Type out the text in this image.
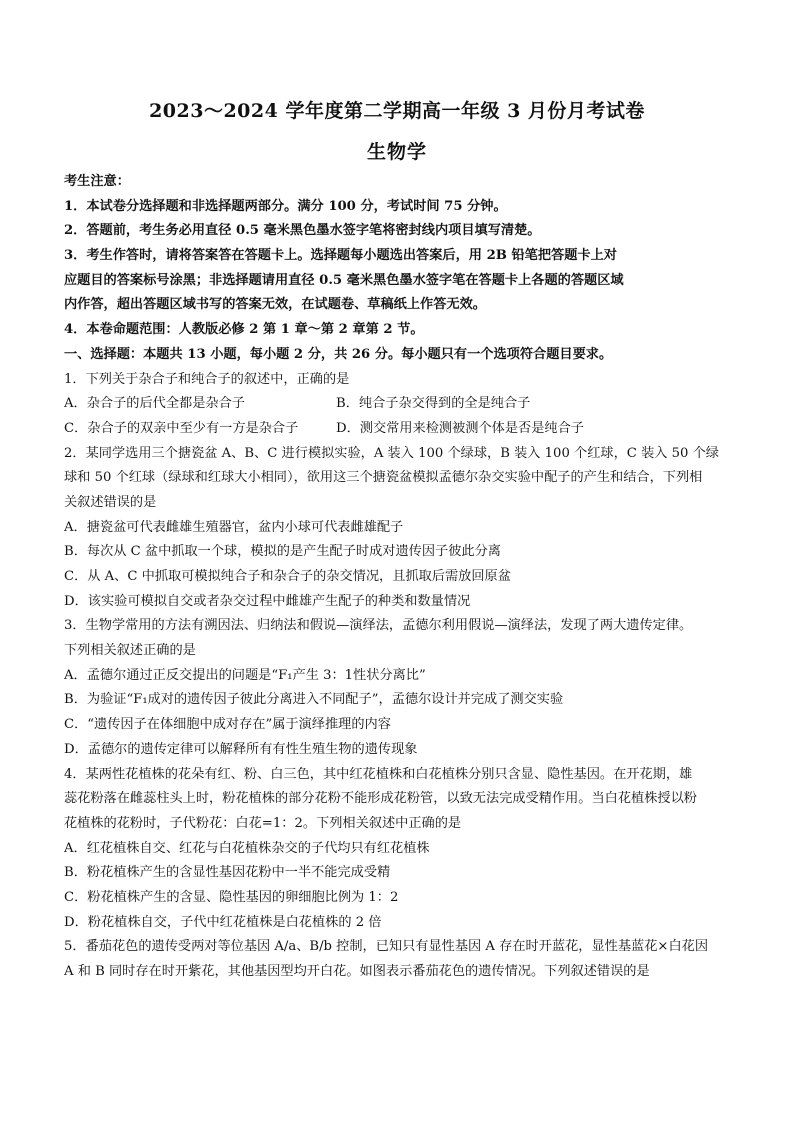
2023～2024 学年度第二学期高一年级 3 月份月考试卷
生物学
考生注意：
1．本试卷分选择题和非选择题两部分。满分 100 分，考试时间 75 分钟。
2．答题前，考生务必用直径 0.5 毫米黑色墨水签字笔将密封线内项目填写清楚。
3．考生作答时，请将答案答在答题卡上。选择题每小题选出答案后，用 2B 铅笔把答题卡上对
应题目的答案标号涂黑；非选择题请用直径 0.5 毫米黑色墨水签字笔在答题卡上各题的答题区域
内作答，超出答题区域书写的答案无效，在试题卷、草稿纸上作答无效。
4．本卷命题范围：人教版必修 2 第 1 章～第 2 章第 2 节。
一、选择题：本题共 13 小题，每小题 2 分，共 26 分。每小题只有一个选项符合题目要求。
1．下列关于杂合子和纯合子的叙述中，正确的是
A．杂合子的后代全都是杂合子	B．纯合子杂交得到的全是纯合子
C．杂合子的双亲中至少有一方是杂合子	D．测交常用来检测被测个体是否是纯合子
2．某同学选用三个搪瓷盆 A、B、C 进行模拟实验，A 装入 100 个绿球，B 装入 100 个红球，C 装入 50 个绿
球和 50 个红球（绿球和红球大小相同），欲用这三个搪瓷盆模拟孟德尔杂交实验中配子的产生和结合，下列相
关叙述错误的是
A．搪瓷盆可代表雌雄生殖器官，盆内小球可代表雌雄配子
B．每次从 C 盆中抓取一个球，模拟的是产生配子时成对遗传因子彼此分离
C．从 A、C 中抓取可模拟纯合子和杂合子的杂交情况，且抓取后需放回原盆
D．该实验可模拟自交或者杂交过程中雌雄产生配子的种类和数量情况
3．生物学常用的方法有溯因法、归纳法和假说—演绎法，孟德尔利用假说—演绎法，发现了两大遗传定律。
下列相关叙述正确的是
A．孟德尔通过正反交提出的问题是“F₁产生 3：1性状分离比”
B．为验证“F₁成对的遗传因子彼此分离进入不同配子”，孟德尔设计并完成了测交实验
C．“遗传因子在体细胞中成对存在”属于演绎推理的内容
D．孟德尔的遗传定律可以解释所有有性生殖生物的遗传现象
4．某两性花植株的花朵有红、粉、白三色，其中红花植株和白花植株分别只含显、隐性基因。在开花期，雄
蕊花粉落在雌蕊柱头上时，粉花植株的部分花粉不能形成花粉管，以致无法完成受精作用。当白花植株授以粉
花植株的花粉时，子代粉花：白花=1：2。下列相关叙述中正确的是
A．红花植株自交、红花与白花植株杂交的子代均只有红花植株
B．粉花植株产生的含显性基因花粉中一半不能完成受精
C．粉花植株产生的含显、隐性基因的卵细胞比例为 1：2
D．粉花植株自交，子代中红花植株是白花植株的 2 倍
5．番茄花色的遗传受两对等位基因 A/a、B/b 控制，已知只有显性基因 A 存在时开蓝花，显性基蓝花×白花因
A 和 B 同时存在时开紫花，其他基因型均开白花。如图表示番茄花色的遗传情况。下列叙述错误的是
